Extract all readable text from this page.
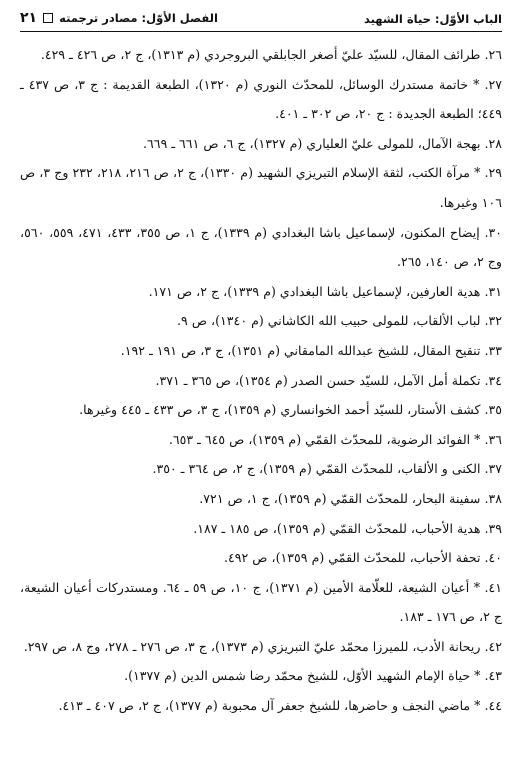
الباب الأوّل: حياة الشهيد
الفصل الأوّل: مصادر ترجمته
٢١
٢٦. طرائف المقال، للسيّد عليّ أصغر الجابلقي البروجردي (م ١٣١٣)، ج ٢، ص ٤٢٦ ـ ٤٢٩.
٢٧. * خاتمة مستدرك الوسائل، للمحدّث النوري (م ١٣٢٠)، الطبعة القديمة : ج ٣، ص ٤٣٧ ـ ٤٤٩؛ الطبعة الجديدة : ج ٢٠، ص ٣٠٢ ـ ٤٠١.
٢٨. بهجة الآمال، للمولى عليّ العلياري (م ١٣٢٧)، ج ٦، ص ٦٦١ ـ ٦٦٩.
٢٩. * مرآة الكتب، لثقة الإسلام التبريزي الشهيد (م ١٣٣٠)، ج ٢، ص ٢١٦، ٢١٨، ٢٣٢ وج ٣، ص ١٠٦ وغيرها.
٣٠. إيضاح المكنون، لإسماعيل باشا البغدادي (م ١٣٣٩)، ج ١، ص ٣٥٥، ٤٣٣، ٤٧١، ٥٥٩، ٥٦٠، وج ٢، ص ١٤٠، ٢٦٥.
٣١. هدية العارفين، لإسماعيل باشا البغدادي (م ١٣٣٩)، ج ٢، ص ١٧١.
٣٢. لباب الألقاب، للمولى حبيب الله الكاشاني (م ١٣٤٠)، ص ٩.
٣٣. تنقيح المقال، للشيخ عبدالله المامقاني (م ١٣٥١)، ج ٣، ص ١٩١ ـ ١٩٢.
٣٤. تكملة أمل الآمل، للسيّد حسن الصدر (م ١٣٥٤)، ص ٣٦٥ ـ ٣٧١.
٣٥. كشف الأستار، للسيّد أحمد الخوانساري (م ١٣٥٩)، ج ٣، ص ٤٣٣ ـ ٤٤٥ وغيرها.
٣٦. * الفوائد الرضوية، للمحدّث القمّي (م ١٣٥٩)، ص ٦٤٥ ـ ٦٥٣.
٣٧. الكنى و الألقاب، للمحدّث القمّي (م ١٣٥٩)، ج ٢، ص ٣٦٤ ـ ٣٥٠.
٣٨. سفينة البحار، للمحدّث القمّي (م ١٣٥٩)، ج ١، ص ٧٢١.
٣٩. هدية الأحباب، للمحدّث القمّي (م ١٣٥٩)، ص ١٨٥ ـ ١٨٧.
٤٠. تحفة الأحباب، للمحدّث القمّي (م ١٣٥٩)، ص ٤٩٢.
٤١. * أعيان الشيعة، للعلّامة الأمين (م ١٣٧١)، ج ١٠، ص ٥٩ ـ ٦٤. ومستدركات أعيان الشيعة، ج ٢، ص ١٧٦ ـ ١٨٣.
٤٢. ريحانة الأدب، للميرزا محمّد عليّ التبريزي (م ١٣٧٣)، ج ٣، ص ٢٧٦ ـ ٢٧٨، وج ٨، ص ٢٩٧.
٤٣. * حياة الإمام الشهيد الأوّل، للشيخ محمّد رضا شمس الدين (م ١٣٧٧).
٤٤. * ماضي النجف و حاضرها، للشيخ جعفر آل محبوبة (م ١٣٧٧)، ج ٢، ص ٤٠٧ ـ ٤١٣.
